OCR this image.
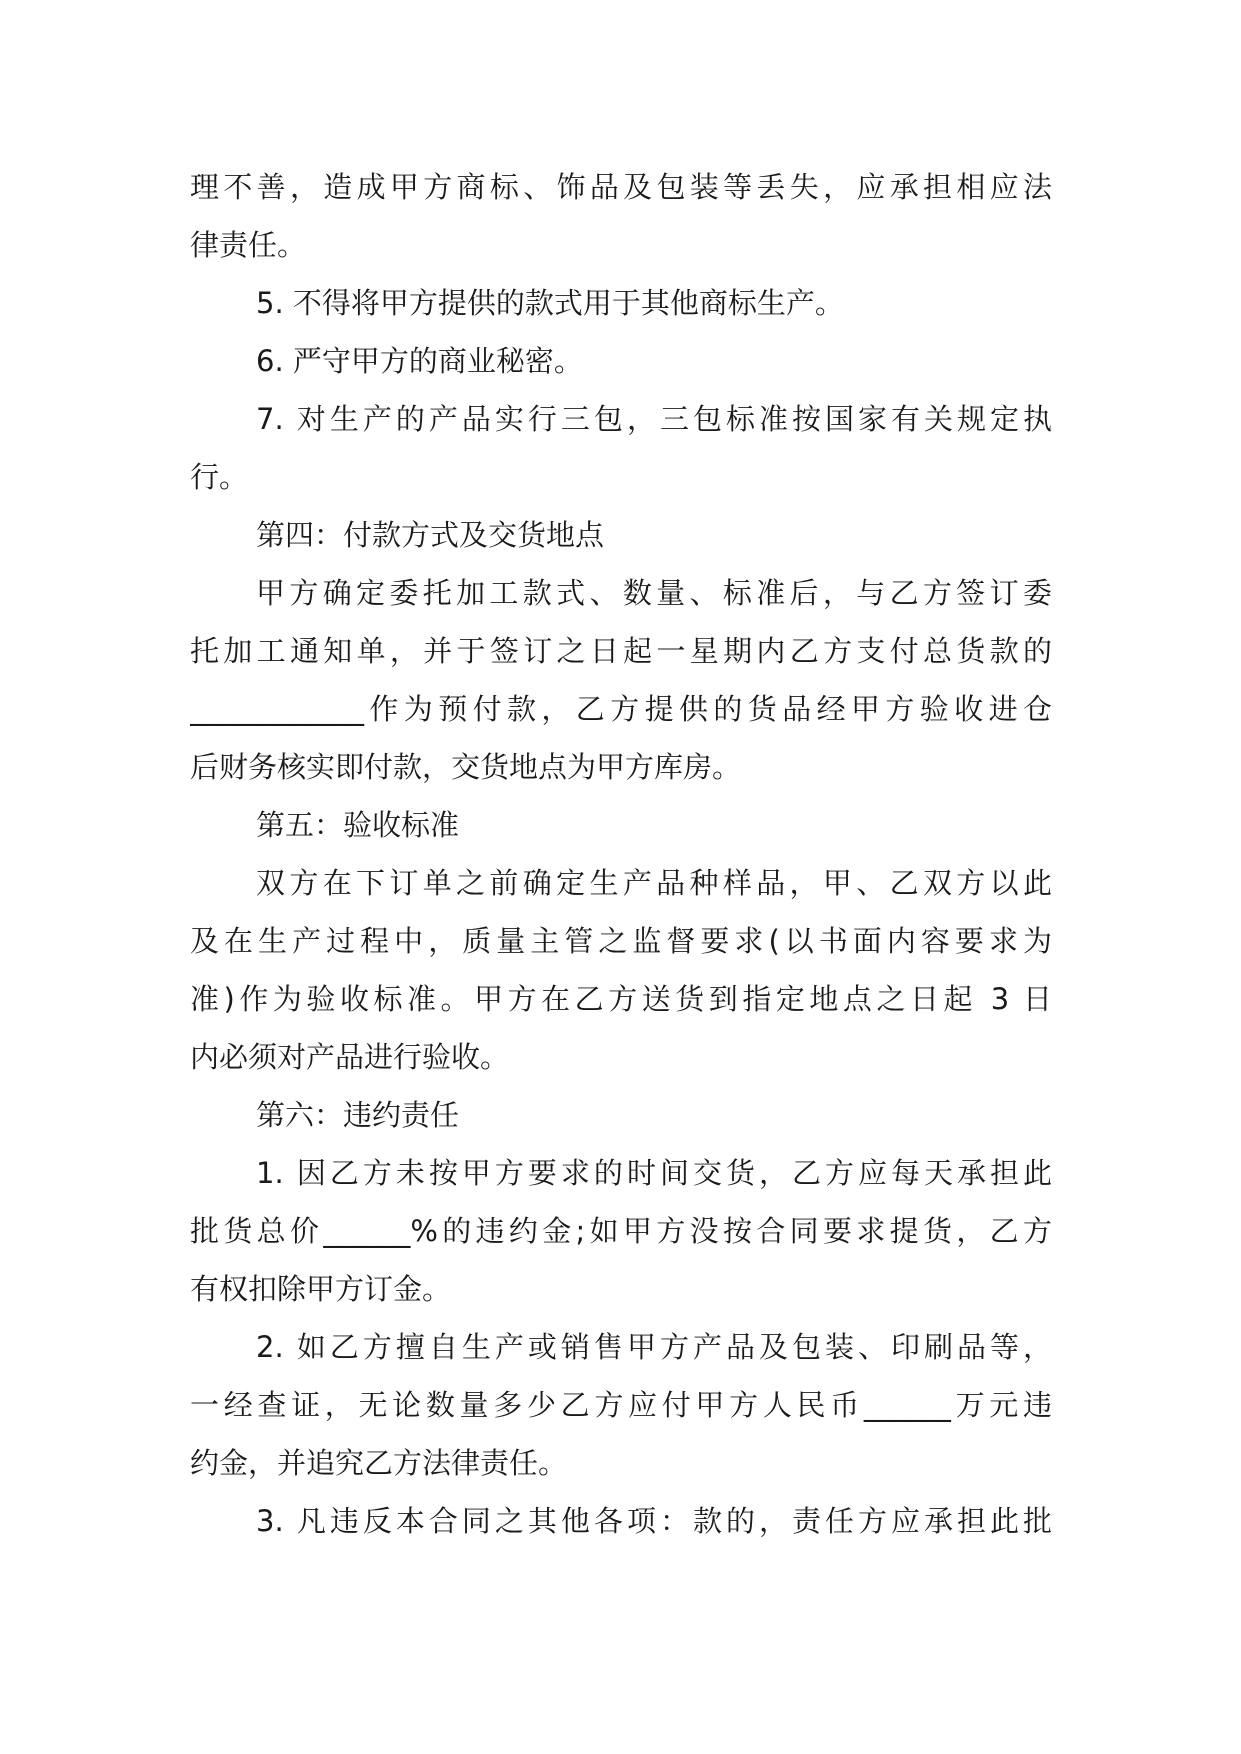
理不善，造成甲方商标、饰品及包装等丢失，应承担相应法
律责任。
5. 不得将甲方提供的款式用于其他商标生产。
6. 严守甲方的商业秘密。
7. 对生产的产品实行三包，三包标准按国家有关规定执
行。
第四：付款方式及交货地点
甲方确定委托加工款式、数量、标准后，与乙方签订委
托加工通知单，并于签订之日起一星期内乙方支付总货款的
____________作为预付款，乙方提供的货品经甲方验收进仓
后财务核实即付款，交货地点为甲方库房。
第五：验收标准
双方在下订单之前确定生产品种样品，甲、乙双方以此
及在生产过程中，质量主管之监督要求(以书面内容要求为
准)作为验收标准。甲方在乙方送货到指定地点之日起 3 日
内必须对产品进行验收。
第六：违约责任
1. 因乙方未按甲方要求的时间交货，乙方应每天承担此
批货总价______%的违约金;如甲方没按合同要求提货，乙方
有权扣除甲方订金。
2. 如乙方擅自生产或销售甲方产品及包装、印刷品等，
一经查证，无论数量多少乙方应付甲方人民币______万元违
约金，并追究乙方法律责任。
3. 凡违反本合同之其他各项：款的，责任方应承担此批
